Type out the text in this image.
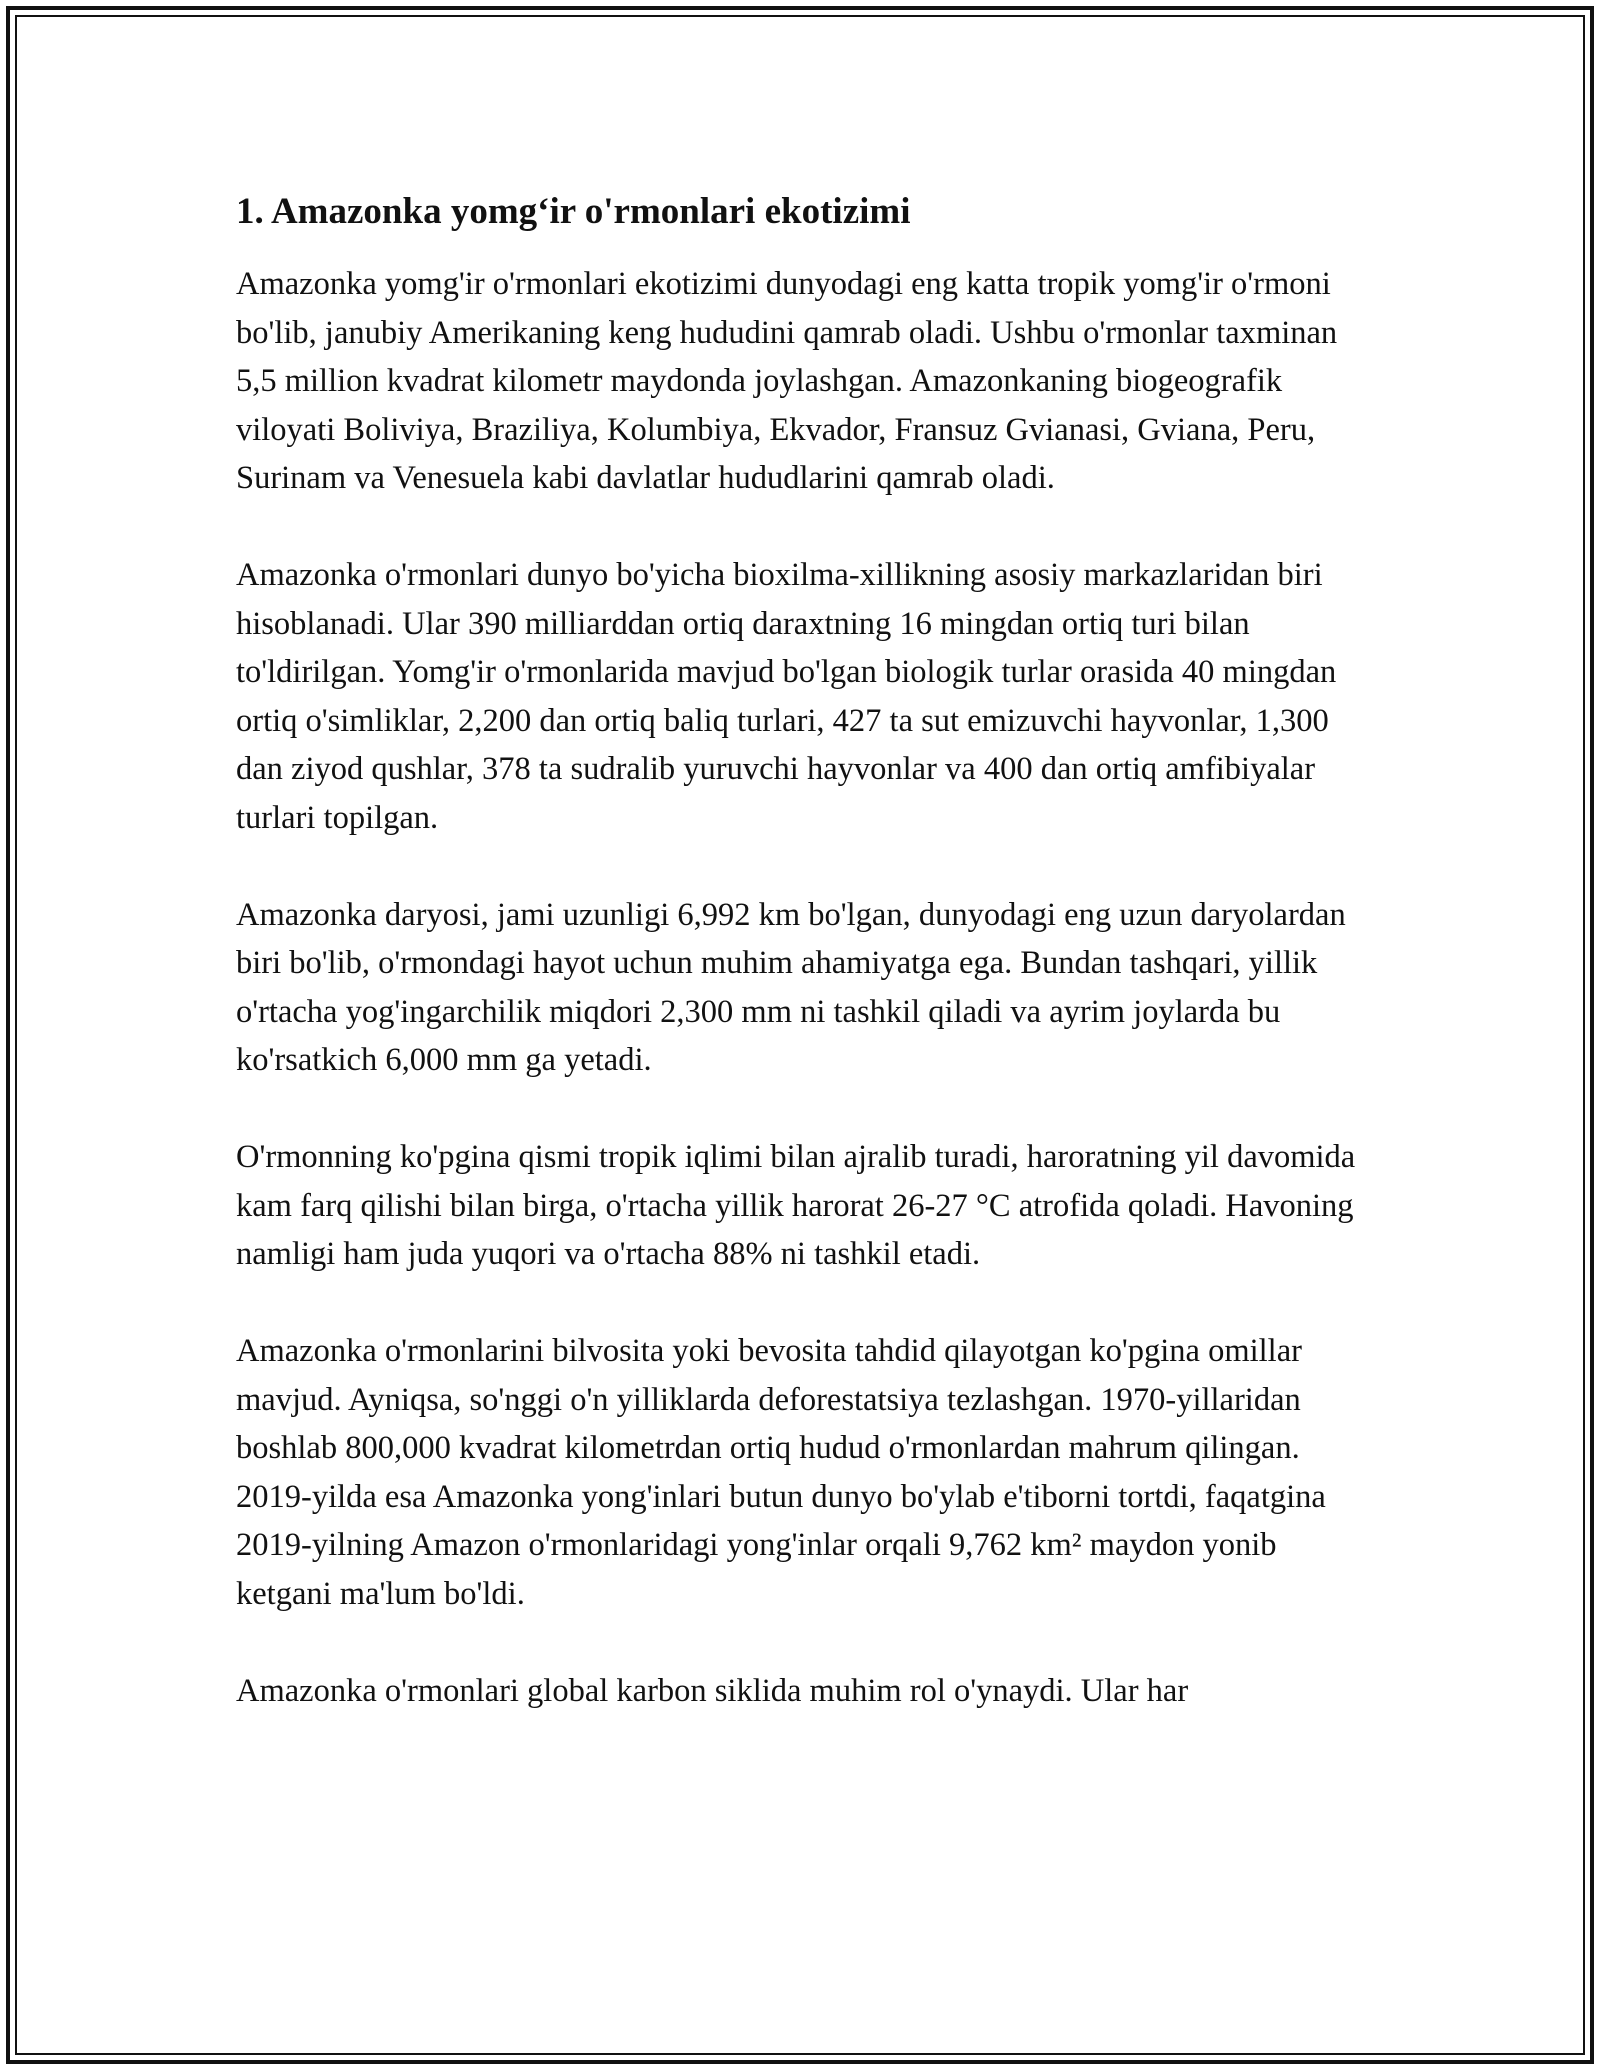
1. Amazonka yomg‘ir o'rmonlari ekotizimi

Amazonka yomg'ir o'rmonlari ekotizimi dunyodagi eng katta tropik yomg'ir o'rmoni bo'lib, janubiy Amerikaning keng hududini qamrab oladi. Ushbu o'rmonlar taxminan 5,5 million kvadrat kilometr maydonda joylashgan. Amazonkaning biogeografik viloyati Boliviya, Braziliya, Kolumbiya, Ekvador, Fransuz Gvianasi, Gviana, Peru, Surinam va Venesuela kabi davlatlar hududlarini qamrab oladi.

Amazonka o'rmonlari dunyo bo'yicha bioxilma-xillikning asosiy markazlaridan biri hisoblanadi. Ular 390 milliarddan ortiq daraxtning 16 mingdan ortiq turi bilan to'ldirilgan. Yomg'ir o'rmonlarida mavjud bo'lgan biologik turlar orasida 40 mingdan ortiq o'simliklar, 2,200 dan ortiq baliq turlari, 427 ta sut emizuvchi hayvonlar, 1,300 dan ziyod qushlar, 378 ta sudralib yuruvchi hayvonlar va 400 dan ortiq amfibiyalar turlari topilgan.

Amazonka daryosi, jami uzunligi 6,992 km bo'lgan, dunyodagi eng uzun daryolardan biri bo'lib, o'rmondagi hayot uchun muhim ahamiyatga ega. Bundan tashqari, yillik o'rtacha yog'ingarchilik miqdori 2,300 mm ni tashkil qiladi va ayrim joylarda bu ko'rsatkich 6,000 mm ga yetadi.

O'rmonning ko'pgina qismi tropik iqlimi bilan ajralib turadi, haroratning yil davomida kam farq qilishi bilan birga, o'rtacha yillik harorat 26-27 °C atrofida qoladi. Havoning namligi ham juda yuqori va o'rtacha 88% ni tashkil etadi.

Amazonka o'rmonlarini bilvosita yoki bevosita tahdid qilayotgan ko'pgina omillar mavjud. Ayniqsa, so'nggi o'n yilliklarda deforestatsiya tezlashgan. 1970-yillaridan boshlab 800,000 kvadrat kilometrdan ortiq hudud o'rmonlardan mahrum qilingan. 2019-yilda esa Amazonka yong'inlari butun dunyo bo'ylab e'tiborni tortdi, faqatgina 2019-yilning Amazon o'rmonlaridagi yong'inlar orqali 9,762 km² maydon yonib ketgani ma'lum bo'ldi.

Amazonka o'rmonlari global karbon siklida muhim rol o'ynaydi. Ular har
